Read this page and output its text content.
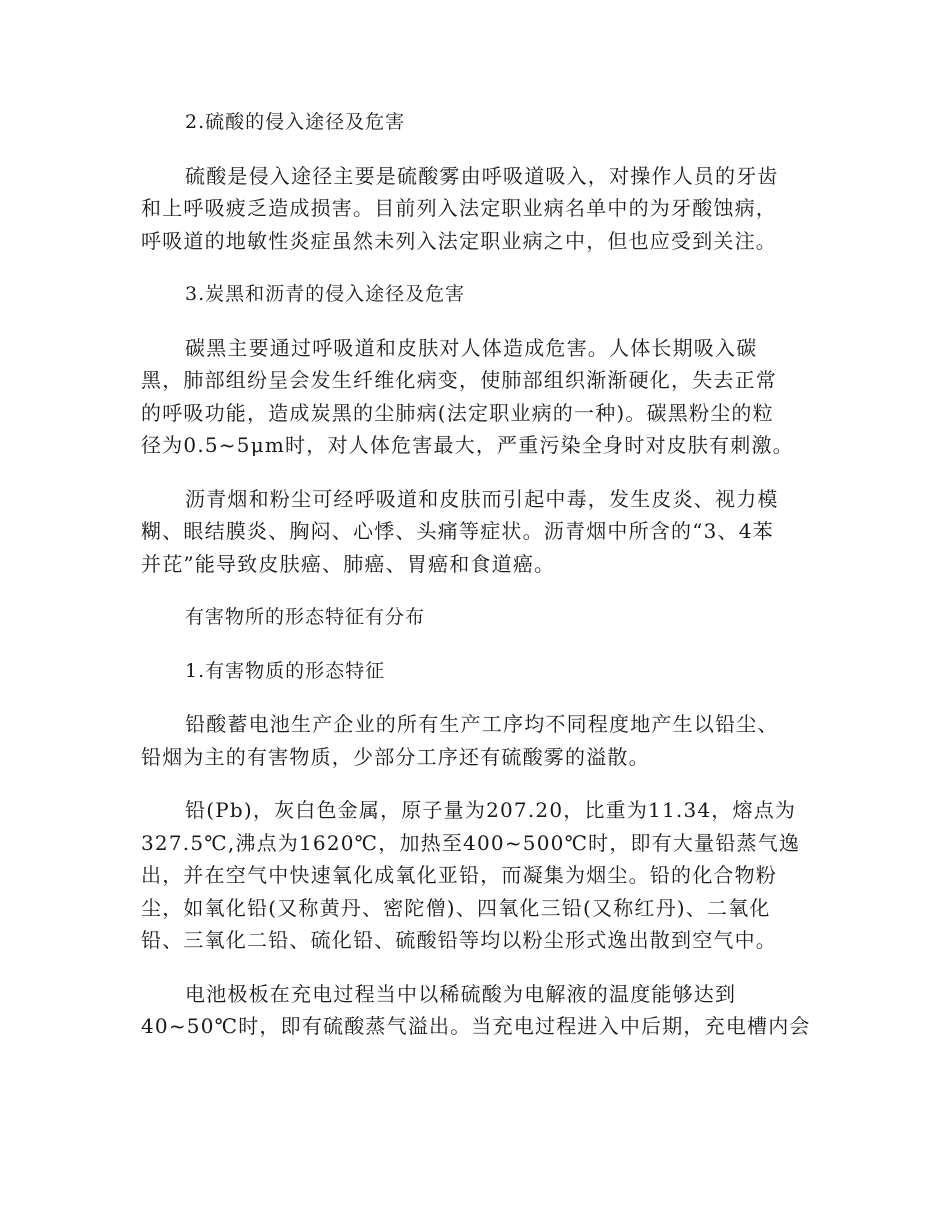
2.硫酸的侵入途径及危害
硫酸是侵入途径主要是硫酸雾由呼吸道吸入，对操作人员的牙齿
和上呼吸疲乏造成损害。目前列入法定职业病名单中的为牙酸蚀病，
呼吸道的地敏性炎症虽然未列入法定职业病之中，但也应受到关注。
3.炭黑和沥青的侵入途径及危害
碳黑主要通过呼吸道和皮肤对人体造成危害。人体长期吸入碳
黑，肺部组纷呈会发生纤维化病变，使肺部组织渐渐硬化，失去正常
的呼吸功能，造成炭黑的尘肺病(法定职业病的一种)。碳黑粉尘的粒
径为0.5~5μm时，对人体危害最大，严重污染全身时对皮肤有刺激。
沥青烟和粉尘可经呼吸道和皮肤而引起中毒，发生皮炎、视力模
糊、眼结膜炎、胸闷、心悸、头痛等症状。沥青烟中所含的“3、4苯
并芘”能导致皮肤癌、肺癌、胃癌和食道癌。
有害物所的形态特征有分布
1.有害物质的形态特征
铅酸蓄电池生产企业的所有生产工序均不同程度地产生以铅尘、
铅烟为主的有害物质，少部分工序还有硫酸雾的溢散。
铅(Pb)，灰白色金属，原子量为207.20，比重为11.34，熔点为
327.5℃,沸点为1620℃，加热至400~500℃时，即有大量铅蒸气逸
出，并在空气中快速氧化成氧化亚铅，而凝集为烟尘。铅的化合物粉
尘，如氧化铅(又称黄丹、密陀僧)、四氧化三铅(又称红丹)、二氧化
铅、三氧化二铅、硫化铅、硫酸铅等均以粉尘形式逸出散到空气中。
电池极板在充电过程当中以稀硫酸为电解液的温度能够达到
40~50℃时，即有硫酸蒸气溢出。当充电过程进入中后期，充电槽内会
